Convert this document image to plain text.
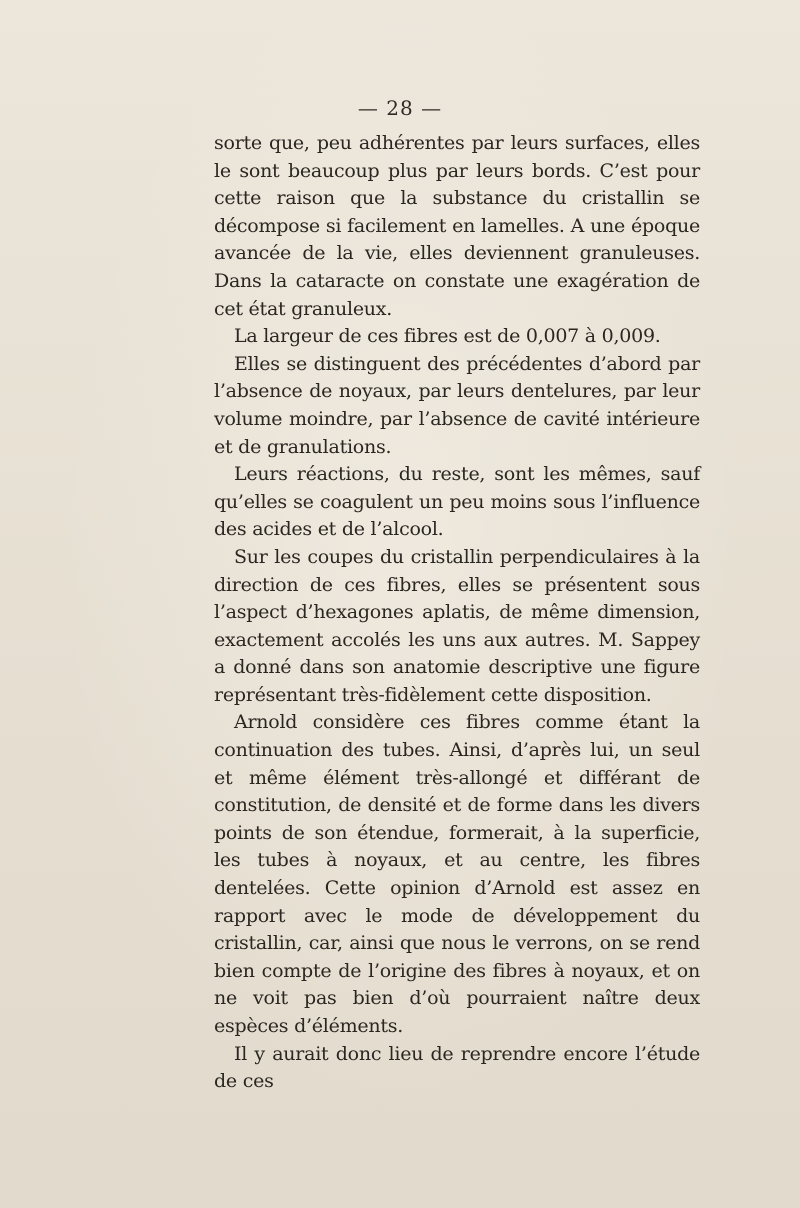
— 28 —

sorte que, peu adhérentes par leurs surfaces, elles le sont beaucoup plus par leurs bords. C’est pour cette raison que la substance du cristallin se décompose si facilement en lamelles. A une époque avancée de la vie, elles deviennent granuleuses. Dans la cataracte on constate une exagération de cet état granuleux.

La largeur de ces fibres est de 0,007 à 0,009.

Elles se distinguent des précédentes d’abord par l’absence de noyaux, par leurs dentelures, par leur volume moindre, par l’absence de cavité intérieure et de granulations.

Leurs réactions, du reste, sont les mêmes, sauf qu’elles se coagulent un peu moins sous l’influence des acides et de l’alcool.

Sur les coupes du cristallin perpendiculaires à la direction de ces fibres, elles se présentent sous l’aspect d’hexagones aplatis, de même dimension, exactement accolés les uns aux autres. M. Sappey a donné dans son anatomie descriptive une figure représentant très-fidèlement cette disposition.

Arnold considère ces fibres comme étant la continuation des tubes. Ainsi, d’après lui, un seul et même élément très-allongé et différant de constitution, de densité et de forme dans les divers points de son étendue, formerait, à la superficie, les tubes à noyaux, et au centre, les fibres dentelées. Cette opinion d’Arnold est assez en rapport avec le mode de développement du cristallin, car, ainsi que nous le verrons, on se rend bien compte de l’origine des fibres à noyaux, et on ne voit pas bien d’où pourraient naître deux espèces d’éléments.

Il y aurait donc lieu de reprendre encore l’étude de ces
